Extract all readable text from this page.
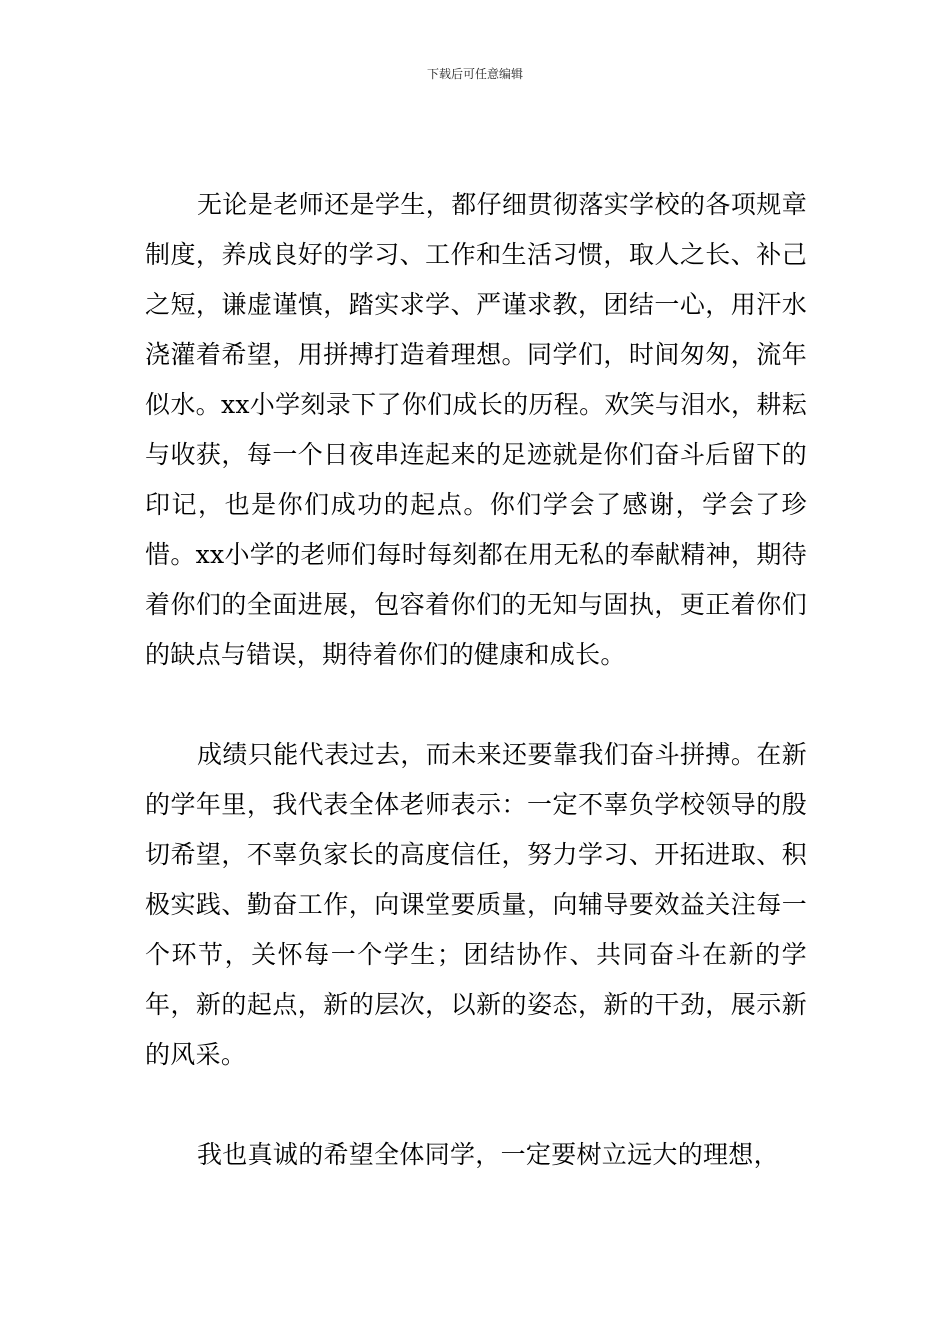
下载后可任意编辑

无论是老师还是学生，都仔细贯彻落实学校的各项规章制度，养成良好的学习、工作和生活习惯，取人之长、补己之短，谦虚谨慎，踏实求学、严谨求教，团结一心，用汗水浇灌着希望，用拼搏打造着理想。同学们，时间匆匆，流年似水。xx小学刻录下了你们成长的历程。欢笑与泪水，耕耘与收获，每一个日夜串连起来的足迹就是你们奋斗后留下的印记，也是你们成功的起点。你们学会了感谢，学会了珍惜。xx小学的老师们每时每刻都在用无私的奉献精神，期待着你们的全面进展，包容着你们的无知与固执，更正着你们的缺点与错误，期待着你们的健康和成长。

成绩只能代表过去，而未来还要靠我们奋斗拼搏。在新的学年里，我代表全体老师表示：一定不辜负学校领导的殷切希望，不辜负家长的高度信任，努力学习、开拓进取、积极实践、勤奋工作，向课堂要质量，向辅导要效益关注每一个环节，关怀每一个学生；团结协作、共同奋斗在新的学年，新的起点，新的层次，以新的姿态，新的干劲，展示新的风采。

我也真诚的希望全体同学，一定要树立远大的理想，
